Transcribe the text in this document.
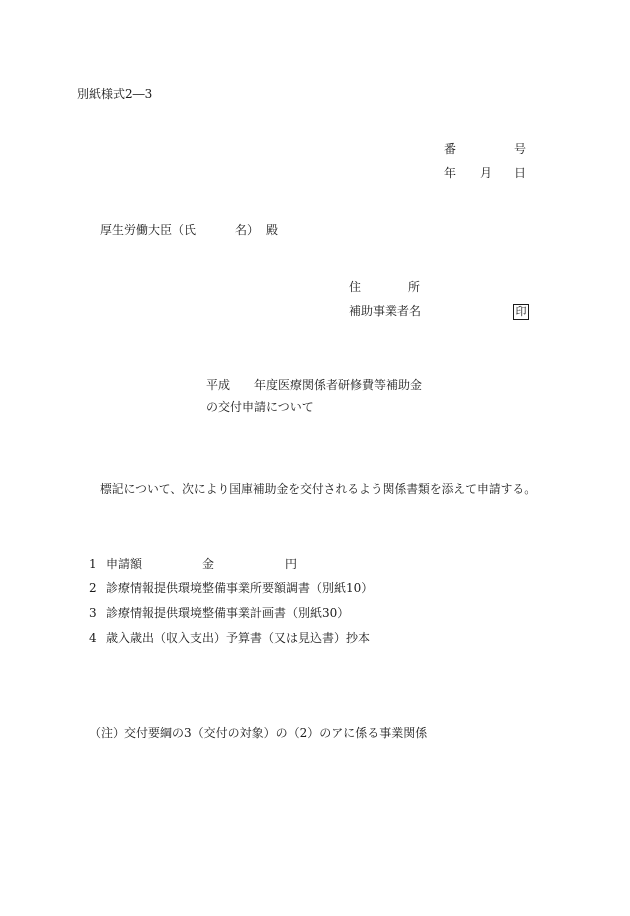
別紙様式2―3
番	号
年 月 日
厚生労働大臣（氏	名） 殿
住	所
補助事業者名	印
平成 年度医療関係者研修費等補助金
の交付申請について
標記について、次により国庫補助金を交付されるよう関係書類を添えて申請する。
1 申請額	金	円
2 診療情報提供環境整備事業所要額調書（別紙10）
3 診療情報提供環境整備事業計画書（別紙30）
4 歳入歳出（収入支出）予算書（又は見込書）抄本
（注）
交付要綱の3（交付の対象）の（2）のアに係る事業関係
